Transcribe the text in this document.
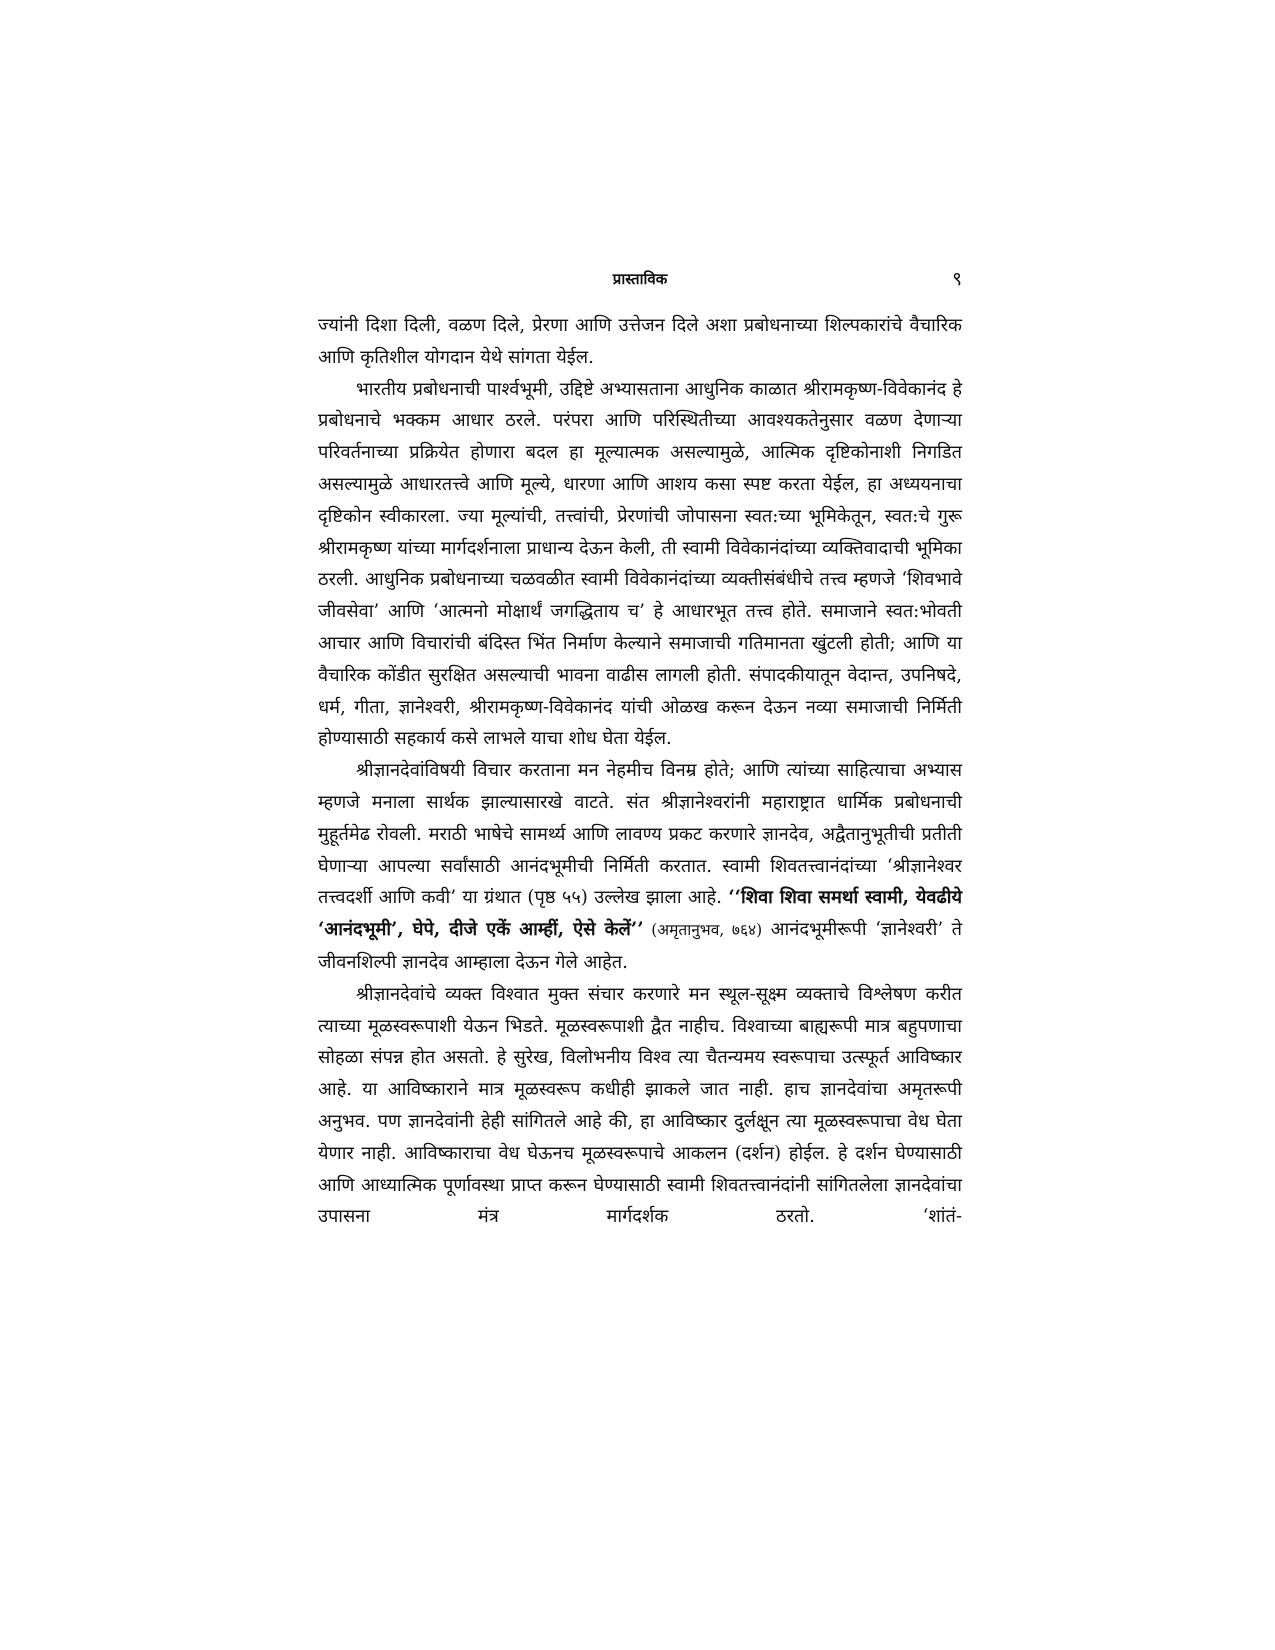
प्रास्ताविक	९

ज्यांनी दिशा दिली, वळण दिले, प्रेरणा आणि उत्तेजन दिले अशा प्रबोधनाच्या शिल्पकारांचे वैचारिक आणि कृतिशील योगदान येथे सांगता येईल.

भारतीय प्रबोधनाची पार्श्वभूमी, उद्दिष्टे अभ्यासताना आधुनिक काळात श्रीरामकृष्ण-विवेकानंद हे प्रबोधनाचे भक्कम आधार ठरले. परंपरा आणि परिस्थितीच्या आवश्यकतेनुसार वळण देणाऱ्या परिवर्तनाच्या प्रक्रियेत होणारा बदल हा मूल्यात्मक असल्यामुळे, आत्मिक दृष्टिकोनाशी निगडित असल्यामुळे आधारतत्त्वे आणि मूल्ये, धारणा आणि आशय कसा स्पष्ट करता येईल, हा अध्ययनाचा दृष्टिकोन स्वीकारला. ज्या मूल्यांची, तत्त्वांची, प्रेरणांची जोपासना स्वत:च्या भूमिकेतून, स्वत:चे गुरू श्रीरामकृष्ण यांच्या मार्गदर्शनाला प्राधान्य देऊन केली, ती स्वामी विवेकानंदांच्या व्यक्तिवादाची भूमिका ठरली. आधुनिक प्रबोधनाच्या चळवळीत स्वामी विवेकानंदांच्या व्यक्तीसंबंधीचे तत्त्व म्हणजे ‘शिवभावे जीवसेवा’ आणि ‘आत्मनो मोक्षार्थं जगद्धिताय च’ हे आधारभूत तत्त्व होते. समाजाने स्वत:भोवती आचार आणि विचारांची बंदिस्त भिंत निर्माण केल्याने समाजाची गतिमानता खुंटली होती; आणि या वैचारिक कोंडीत सुरक्षित असल्याची भावना वाढीस लागली होती. संपादकीयातून वेदान्त, उपनिषदे, धर्म, गीता, ज्ञानेश्वरी, श्रीरामकृष्ण-विवेकानंद यांची ओळख करून देऊन नव्या समाजाची निर्मिती होण्यासाठी सहकार्य कसे लाभले याचा शोध घेता येईल.

श्रीज्ञानदेवांविषयी विचार करताना मन नेहमीच विनम्र होते; आणि त्यांच्या साहित्याचा अभ्यास म्हणजे मनाला सार्थक झाल्यासारखे वाटते. संत श्रीज्ञानेश्वरांनी महाराष्ट्रात धार्मिक प्रबोधनाची मुहूर्तमेढ रोवली. मराठी भाषेचे सामर्थ्य आणि लावण्य प्रकट करणारे ज्ञानदेव, अद्वैतानुभूतीची प्रतीती घेणाऱ्या आपल्या सर्वांसाठी आनंदभूमीची निर्मिती करतात. स्वामी शिवतत्त्वानंदांच्या ‘श्रीज्ञानेश्वर तत्त्वदर्शी आणि कवी’ या ग्रंथात (पृष्ठ ५५) उल्लेख झाला आहे. ‘‘शिवा शिवा समर्था स्वामी, येवढीये ‘आनंदभूमी’, घेपे, दीजे एकें आम्हीं, ऐसे केलें’’ (अमृतानुभव, ७६४) आनंदभूमीरूपी ‘ज्ञानेश्वरी’ ते जीवनशिल्पी ज्ञानदेव आम्हाला देऊन गेले आहेत.

श्रीज्ञानदेवांचे व्यक्त विश्वात मुक्त संचार करणारे मन स्थूल-सूक्ष्म व्यक्ताचे विश्लेषण करीत त्याच्या मूळस्वरूपाशी येऊन भिडते. मूळस्वरूपाशी द्वैत नाहीच. विश्वाच्या बाह्यरूपी मात्र बहुपणाचा सोहळा संपन्न होत असतो. हे सुरेख, विलोभनीय विश्व त्या चैतन्यमय स्वरूपाचा उत्स्फूर्त आविष्कार आहे. या आविष्काराने मात्र मूळस्वरूप कधीही झाकले जात नाही. हाच ज्ञानदेवांचा अमृतरूपी अनुभव. पण ज्ञानदेवांनी हेही सांगितले आहे की, हा आविष्कार दुर्लक्षून त्या मूळस्वरूपाचा वेध घेता येणार नाही. आविष्काराचा वेध घेऊनच मूळस्वरूपाचे आकलन (दर्शन) होईल. हे दर्शन घेण्यासाठी आणि आध्यात्मिक पूर्णावस्था प्राप्त करून घेण्यासाठी स्वामी शिवतत्त्वानंदांनी सांगितलेला ज्ञानदेवांचा उपासना मंत्र मार्गदर्शक ठरतो. ‘शांतं-
